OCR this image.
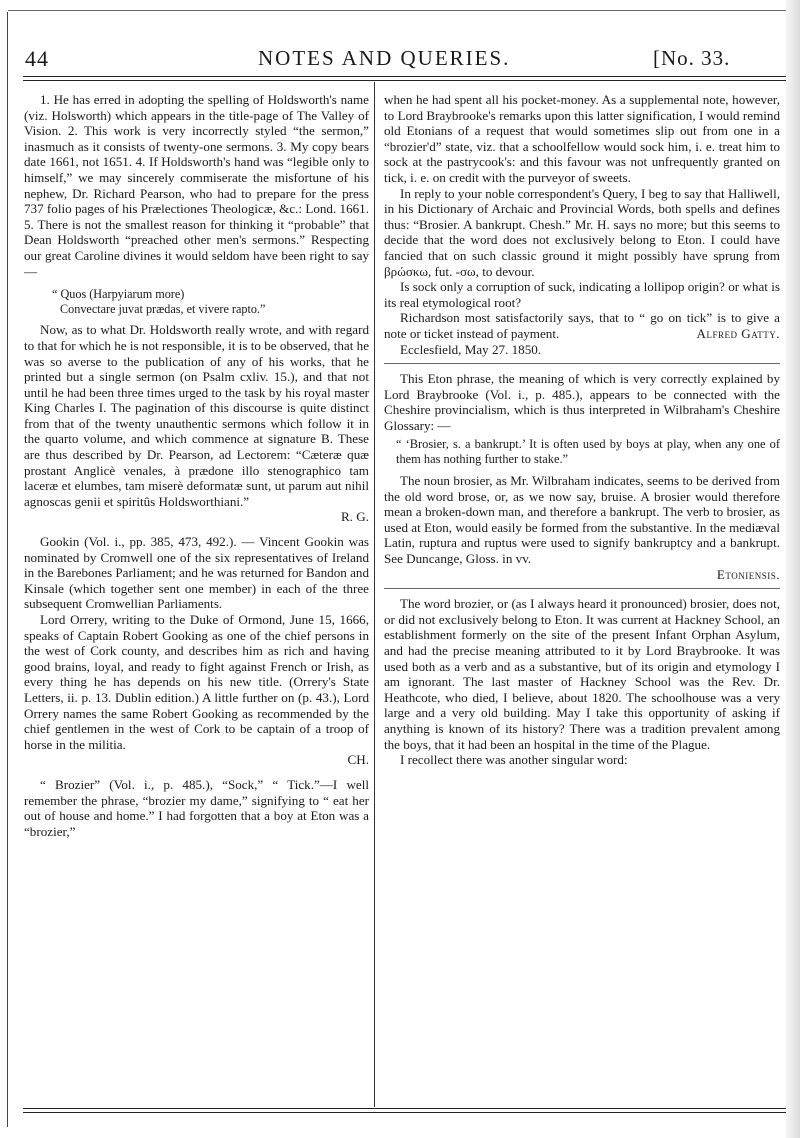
44	NOTES AND QUERIES.	[No. 33.

1. He has erred in adopting the spelling of Holdsworth's name (viz. Holsworth) which appears in the title-page of The Valley of Vision. 2. This work is very incorrectly styled “the sermon,” inasmuch as it consists of twenty-one sermons. 3. My copy bears date 1661, not 1651. 4. If Holdsworth's hand was “legible only to himself,” we may sincerely commiserate the misfortune of his nephew, Dr. Richard Pearson, who had to prepare for the press 737 folio pages of his Prælectiones Theologicæ, &c.: Lond. 1661. 5. There is not the smallest reason for thinking it “probable” that Dean Holdsworth “preached other men's sermons.” Respecting our great Caroline divines it would seldom have been right to say —

“ Quos (Harpyiarum more)
Convectare juvat prædas, et vivere rapto.”

Now, as to what Dr. Holdsworth really wrote, and with regard to that for which he is not responsible, it is to be observed, that he was so averse to the publication of any of his works, that he printed but a single sermon (on Psalm cxliv. 15.), and that not until he had been three times urged to the task by his royal master King Charles I. The pagination of this discourse is quite distinct from that of the twenty unauthentic sermons which follow it in the quarto volume, and which commence at signature B. These are thus described by Dr. Pearson, ad Lectorem: “Cæteræ quæ prostant Anglicè venales, à prædone illo stenographico tam laceræ et elumbes, tam miserè deformatæ sunt, ut parum aut nihil agnoscas genii et spiritûs Holdsworthiani.”

R. G.

Gookin (Vol. i., pp. 385, 473, 492.). — Vincent Gookin was nominated by Cromwell one of the six representatives of Ireland in the Barebones Parliament; and he was returned for Bandon and Kinsale (which together sent one member) in each of the three subsequent Cromwellian Parliaments.

Lord Orrery, writing to the Duke of Ormond, June 15, 1666, speaks of Captain Robert Gooking as one of the chief persons in the west of Cork county, and describes him as rich and having good brains, loyal, and ready to fight against French or Irish, as every thing he has depends on his new title. (Orrery's State Letters, ii. p. 13. Dublin edition.) A little further on (p. 43.), Lord Orrery names the same Robert Gooking as recommended by the chief gentlemen in the west of Cork to be captain of a troop of horse in the militia.

CH.

“ Brozier” (Vol. i., p. 485.), “Sock,” “ Tick.”—I well remember the phrase, “brozier my dame,” signifying to “ eat her out of house and home.” I had forgotten that a boy at Eton was a “brozier,”

when he had spent all his pocket-money. As a supplemental note, however, to Lord Braybrooke's remarks upon this latter signification, I would remind old Etonians of a request that would sometimes slip out from one in a “brozier'd” state, viz. that a schoolfellow would sock him, i. e. treat him to sock at the pastrycook's: and this favour was not unfrequently granted on tick, i. e. on credit with the purveyor of sweets.

In reply to your noble correspondent's Query, I beg to say that Halliwell, in his Dictionary of Archaic and Provincial Words, both spells and defines thus: “Brosier. A bankrupt. Chesh.” Mr. H. says no more; but this seems to decide that the word does not exclusively belong to Eton. I could have fancied that on such classic ground it might possibly have sprung from βρώσκω, fut. -σω, to devour.

Is sock only a corruption of suck, indicating a lollipop origin? or what is its real etymological root?

Richardson most satisfactorily says, that to “ go on tick” is to give a note or ticket instead of payment.	Alfred Gatty.

Ecclesfield, May 27. 1850.

This Eton phrase, the meaning of which is very correctly explained by Lord Braybrooke (Vol. i., p. 485.), appears to be connected with the Cheshire provincialism, which is thus interpreted in Wilbraham's Cheshire Glossary: —

“ ‘Brosier, s. a bankrupt.’ It is often used by boys at play, when any one of them has nothing further to stake.”

The noun brosier, as Mr. Wilbraham indicates, seems to be derived from the old word brose, or, as we now say, bruise. A brosier would therefore mean a broken-down man, and therefore a bankrupt. The verb to brosier, as used at Eton, would easily be formed from the substantive. In the mediæval Latin, ruptura and ruptus were used to signify bankruptcy and a bankrupt. See Duncange, Gloss. in vv.

Etoniensis.

The word brozier, or (as I always heard it pronounced) brosier, does not, or did not exclusively belong to Eton. It was current at Hackney School, an establishment formerly on the site of the present Infant Orphan Asylum, and had the precise meaning attributed to it by Lord Braybrooke. It was used both as a verb and as a substantive, but of its origin and etymology I am ignorant. The last master of Hackney School was the Rev. Dr. Heathcote, who died, I believe, about 1820. The schoolhouse was a very large and a very old building. May I take this opportunity of asking if anything is known of its history? There was a tradition prevalent among the boys, that it had been an hospital in the time of the Plague.

I recollect there was another singular word:
